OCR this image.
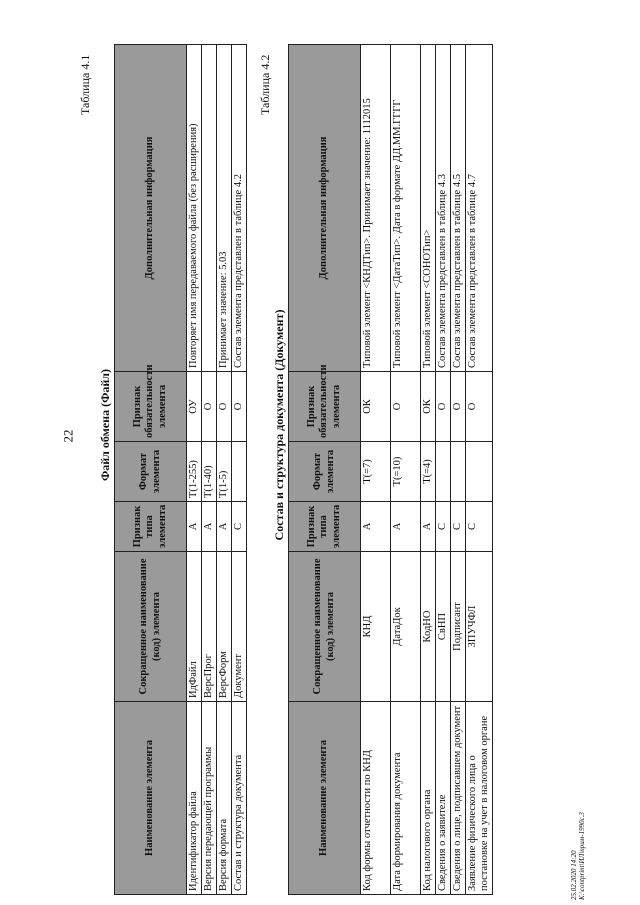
22
Таблица 4.1
Файл обмена (Файл)
Наименование элемента	Сокращенное наименование (код) элемента	Признак типа элемента	Формат элемента	Признак обязательности элемента	Дополнительная информация
Идентификатор файла	ИдФайл	А	Т(1-255)	ОУ	Повторяет имя передаваемого файла (без расширения)
Версия передающей программы	ВерсПрог	А	Т(1-40)	О	
Версия формата	ВерсФорм	А	Т(1-5)	О	Принимает значение: 5.03
Состав и структура документа	Документ	С		О	Состав элемента представлен в таблице 4.2
Таблица 4.2
Состав и структура документа (Документ)
Наименование элемента	Сокращенное наименование (код) элемента	Признак типа элемента	Формат элемента	Признак обязательности элемента	Дополнительная информация
Код формы отчетности по КНД	КНД	А	Т(=7)	ОК	Типовой элемент <КНДТип>. Принимает значение: 1112015
Дата формирования документа	ДатаДок	А	Т(=10)	О	Типовой элемент <ДатаТип>. Дата в формате ДД.ММ.ГГГГ
Код налогового органа	КодНО	А	Т(=4)	ОК	Типовой элемент <СОНОТип>
Сведения о заявителе	СвНП	С		О	Состав элемента представлен в таблице 4.3
Сведения о лице, подписавшем документ	Подписант	С		О	Состав элемента представлен в таблице 4.5
Заявление физического лица о постановке на учет в налоговом органе	ЗПУЧФЛ	С		О	Состав элемента представлен в таблице 4.7
25.02.2020 14:20 К:\contprint\ИЛ\прим-1990с.3
